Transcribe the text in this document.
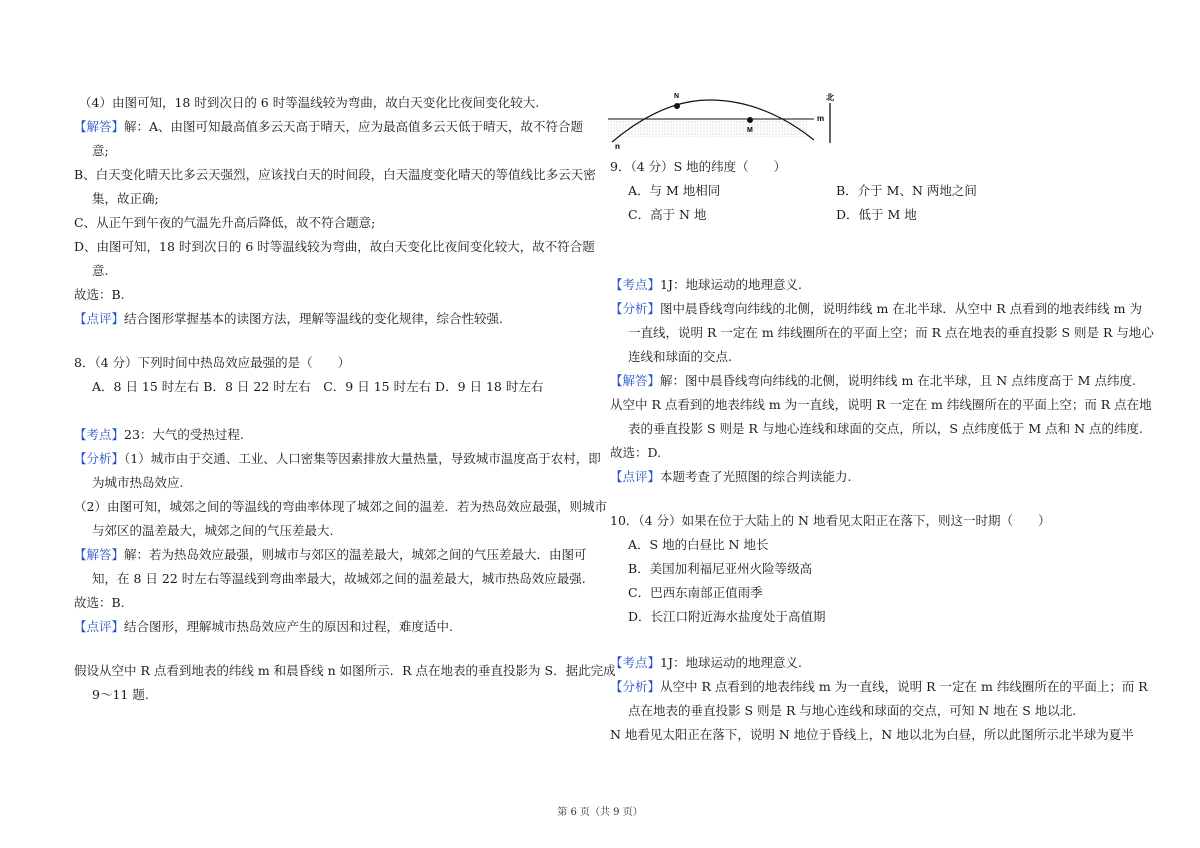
（4）由图可知，18 时到次日的 6 时等温线较为弯曲，故白天变化比夜间变化较大.
【解答】解：A、由图可知最高值多云天高于晴天，应为最高值多云天低于晴天，故不符合题
意;
B、白天变化晴天比多云天强烈，应该找白天的时间段，白天温度变化晴天的等值线比多云天密
集，故正确;
C、从正午到午夜的气温先升高后降低，故不符合题意;
D、由图可知，18 时到次日的 6 时等温线较为弯曲，故白天变化比夜间变化较大，故不符合题
意.
故选：B.
【点评】结合图形掌握基本的读图方法，理解等温线的变化规律，综合性较强.
8．（4 分）下列时间中热岛效应最强的是（　　）
A．8 日 15 时左右 B．8 日 22 时左右　C．9 日 15 时左右 D．9 日 18 时左右
【考点】23：大气的受热过程.
【分析】（1）城市由于交通、工业、人口密集等因素排放大量热量，导致城市温度高于农村，即
为城市热岛效应.
（2）由图可知，城郊之间的等温线的弯曲率体现了城郊之间的温差．若为热岛效应最强，则城市
与郊区的温差最大，城郊之间的气压差最大.
【解答】解：若为热岛效应最强，则城市与郊区的温差最大，城郊之间的气压差最大．由图可
知，在 8 日 22 时左右等温线到弯曲率最大，故城郊之间的温差最大，城市热岛效应最强.
故选：B.
【点评】结合图形，理解城市热岛效应产生的原因和过程，难度适中.
假设从空中 R 点看到地表的纬线 m 和晨昏线 n 如图所示．R 点在地表的垂直投影为 S．据此完成
9～11 题.
N
M
m
n
北
9．（4 分）S 地的纬度（　　）
A．与 M 地相同	B．介于 M、N 两地之间
C．高于 N 地	D．低于 M 地
【考点】1J：地球运动的地理意义.
【分析】图中晨昏线弯向纬线的北侧，说明纬线 m 在北半球．从空中 R 点看到的地表纬线 m 为
一直线，说明 R 一定在 m 纬线圈所在的平面上空；而 R 点在地表的垂直投影 S 则是 R 与地心
连线和球面的交点.
【解答】解：图中晨昏线弯向纬线的北侧，说明纬线 m 在北半球，且 N 点纬度高于 M 点纬度.
从空中 R 点看到的地表纬线 m 为一直线，说明 R 一定在 m 纬线圈所在的平面上空；而 R 点在地
表的垂直投影 S 则是 R 与地心连线和球面的交点，所以，S 点纬度低于 M 点和 N 点的纬度.
故选：D.
【点评】本题考查了光照图的综合判读能力.
10．（4 分）如果在位于大陆上的 N 地看见太阳正在落下，则这一时期（　　）
A．S 地的白昼比 N 地长
B．美国加利福尼亚州火险等级高
C．巴西东南部正值雨季
D．长江口附近海水盐度处于高值期
【考点】1J：地球运动的地理意义.
【分析】从空中 R 点看到的地表纬线 m 为一直线，说明 R 一定在 m 纬线圈所在的平面上；而 R
点在地表的垂直投影 S 则是 R 与地心连线和球面的交点，可知 N 地在 S 地以北.
N 地看见太阳正在落下，说明 N 地位于昏线上，N 地以北为白昼，所以此图所示北半球为夏半
第 6 页（共 9 页）
